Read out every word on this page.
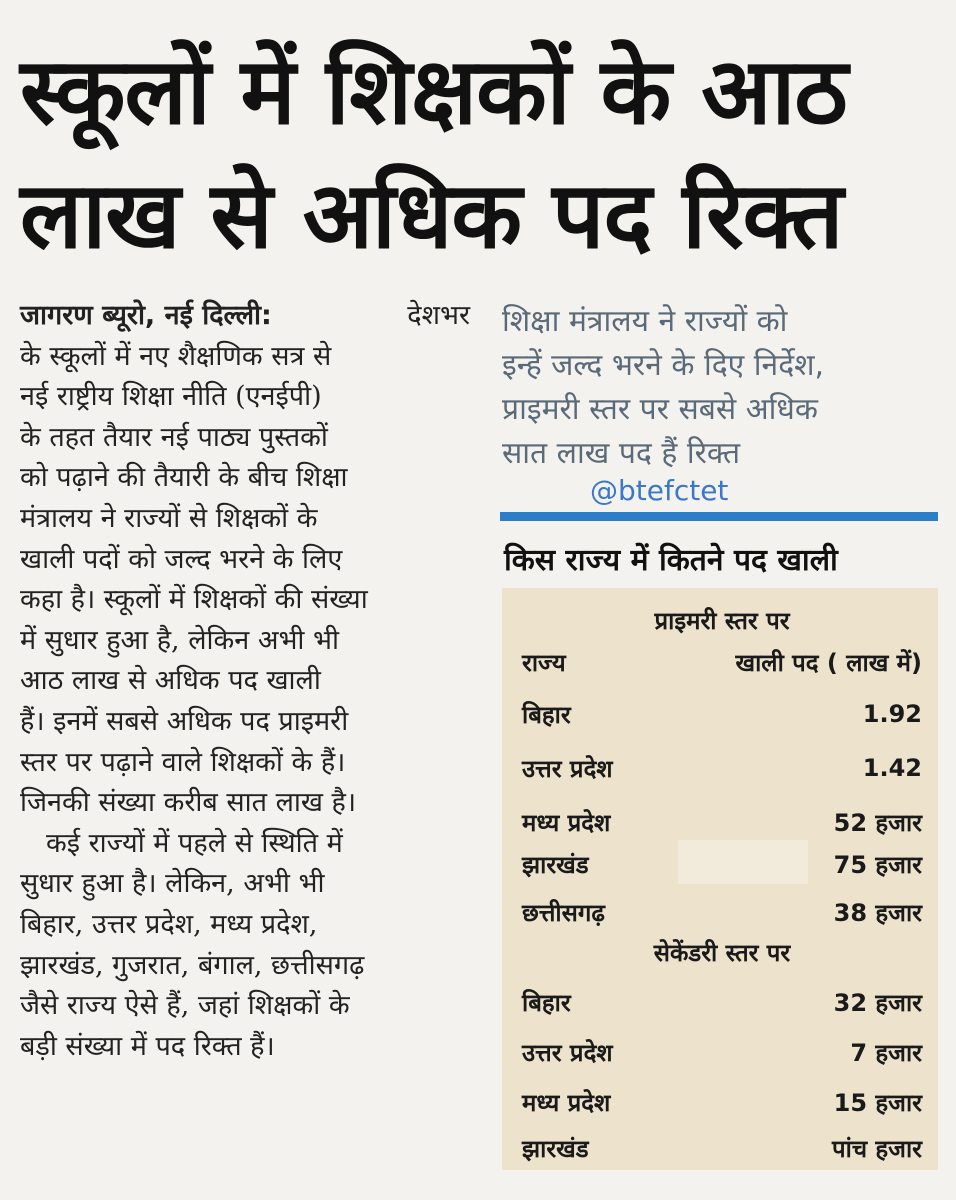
स्कूलों में शिक्षकों के आठ
लाख से अधिक पद रिक्त
जागरण ब्यूरो, नई दिल्ली:	देशभर
के स्कूलों में नए शैक्षणिक सत्र से
नई राष्ट्रीय शिक्षा नीति (एनईपी)
के तहत तैयार नई पाठ्य पुस्तकों
को पढ़ाने की तैयारी के बीच शिक्षा
मंत्रालय ने राज्यों से शिक्षकों के
खाली पदों को जल्द भरने के लिए
कहा है। स्कूलों में शिक्षकों की संख्या
में सुधार हुआ है, लेकिन अभी भी
आठ लाख से अधिक पद खाली
हैं। इनमें सबसे अधिक पद प्राइमरी
स्तर पर पढ़ाने वाले शिक्षकों के हैं।
जिनकी संख्या करीब सात लाख है।
कई राज्यों में पहले से स्थिति में
सुधार हुआ है। लेकिन, अभी भी
बिहार, उत्तर प्रदेश, मध्य प्रदेश,
झारखंड, गुजरात, बंगाल, छत्तीसगढ़
जैसे राज्य ऐसे हैं, जहां शिक्षकों के
बड़ी संख्या में पद रिक्त हैं।
शिक्षा मंत्रालय ने राज्यों को
इन्हें जल्द भरने के दिए निर्देश,
प्राइमरी स्तर पर सबसे अधिक
सात लाख पद हैं रिक्त
@btefctet
किस राज्य में कितने पद खाली
प्राइमरी स्तर पर
राज्य	खाली पद ( लाख में)
बिहार	1.92
उत्तर प्रदेश	1.42
मध्य प्रदेश	52 हजार
झारखंड	75 हजार
छत्तीसगढ़	38 हजार
सेकेंडरी स्तर पर
बिहार	32 हजार
उत्तर प्रदेश	7 हजार
मध्य प्रदेश	15 हजार
झारखंड	पांच हजार
